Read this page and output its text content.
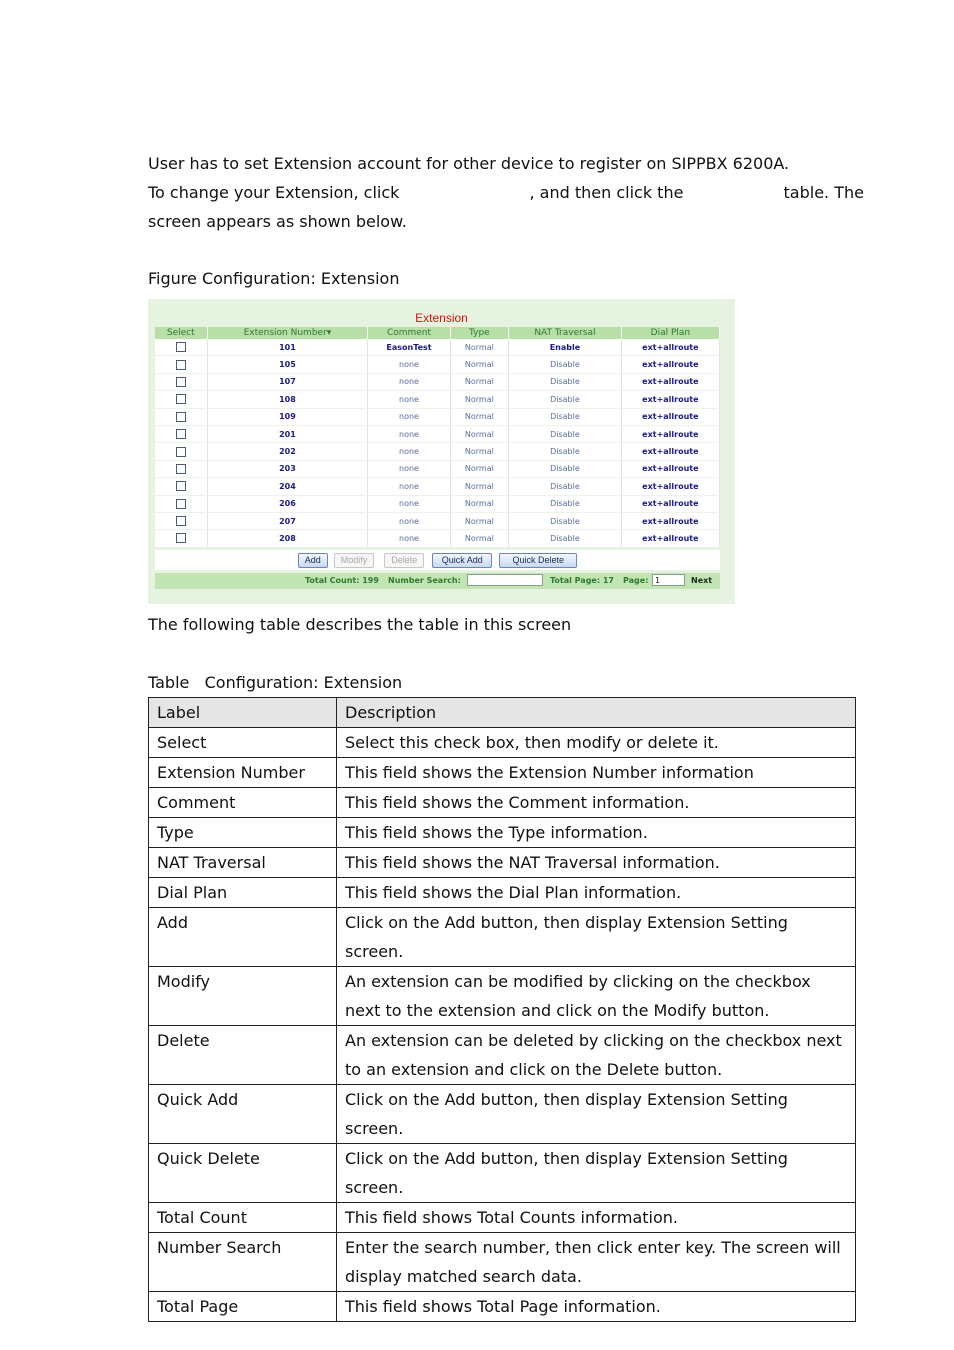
User has to set Extension account for other device to register on SIPPBX 6200A.
To change your Extension, click	, and then click the	table. The
screen appears as shown below.
Figure Configuration: Extension
Extension
Select	Extension Number▾	Comment	Type	NAT Traversal	Dial Plan
	101	EasonTest	Normal	Enable	ext+allroute
	105	none	Normal	Disable	ext+allroute
	107	none	Normal	Disable	ext+allroute
	108	none	Normal	Disable	ext+allroute
	109	none	Normal	Disable	ext+allroute
	201	none	Normal	Disable	ext+allroute
	202	none	Normal	Disable	ext+allroute
	203	none	Normal	Disable	ext+allroute
	204	none	Normal	Disable	ext+allroute
	206	none	Normal	Disable	ext+allroute
	207	none	Normal	Disable	ext+allroute
	208	none	Normal	Disable	ext+allroute
Add Modify	Delete	Quick Add	Quick Delete
Total Count: 199 Number Search:	Total Page: 17 Page: 1	Next
The following table describes the table in this screen
Table   Configuration: Extension
Label	Description
Select	Select this check box, then modify or delete it.
Extension Number	This field shows the Extension Number information
Comment	This field shows the Comment information.
Type	This field shows the Type information.
NAT Traversal	This field shows the NAT Traversal information.
Dial Plan	This field shows the Dial Plan information.
Add	Click on the Add button, then display Extension Setting screen.
Modify	An extension can be modified by clicking on the checkbox next to the extension and click on the Modify button.
Delete	An extension can be deleted by clicking on the checkbox next to an extension and click on the Delete button.
Quick Add	Click on the Add button, then display Extension Setting screen.
Quick Delete	Click on the Add button, then display Extension Setting screen.
Total Count	This field shows Total Counts information.
Number Search	Enter the search number, then click enter key. The screen will display matched search data.
Total Page	This field shows Total Page information.
